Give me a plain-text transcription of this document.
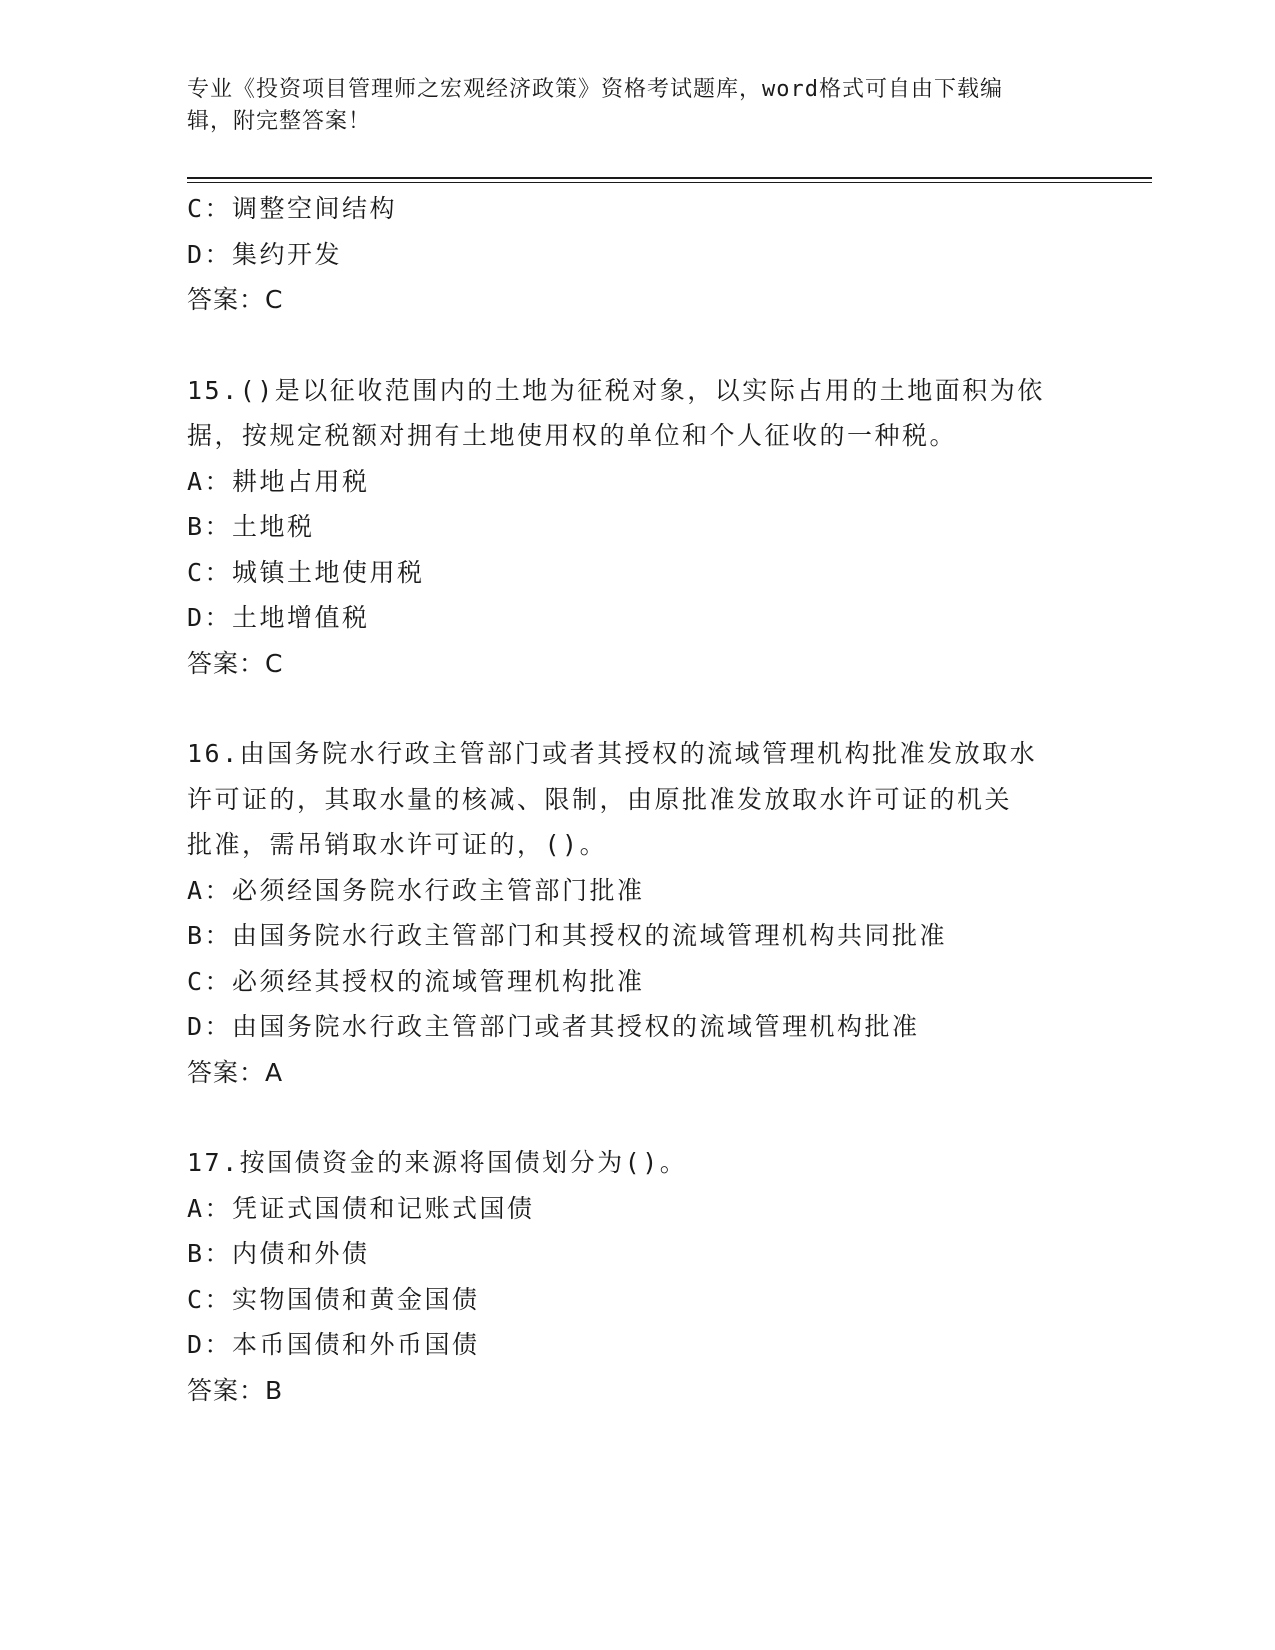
专业《投资项目管理师之宏观经济政策》资格考试题库，word格式可自由下载编
辑，附完整答案！
C：调整空间结构
D：集约开发
答案：C
15.()是以征收范围内的土地为征税对象，以实际占用的土地面积为依
据，按规定税额对拥有土地使用权的单位和个人征收的一种税。
A：耕地占用税
B：土地税
C：城镇土地使用税
D：土地增值税
答案：C
16.由国务院水行政主管部门或者其授权的流域管理机构批准发放取水
许可证的，其取水量的核减、限制，由原批准发放取水许可证的机关
批准，需吊销取水许可证的，()。
A：必须经国务院水行政主管部门批准
B：由国务院水行政主管部门和其授权的流域管理机构共同批准
C：必须经其授权的流域管理机构批准
D：由国务院水行政主管部门或者其授权的流域管理机构批准
答案：A
17.按国债资金的来源将国债划分为()。
A：凭证式国债和记账式国债
B：内债和外债
C：实物国债和黄金国债
D：本币国债和外币国债
答案：B
